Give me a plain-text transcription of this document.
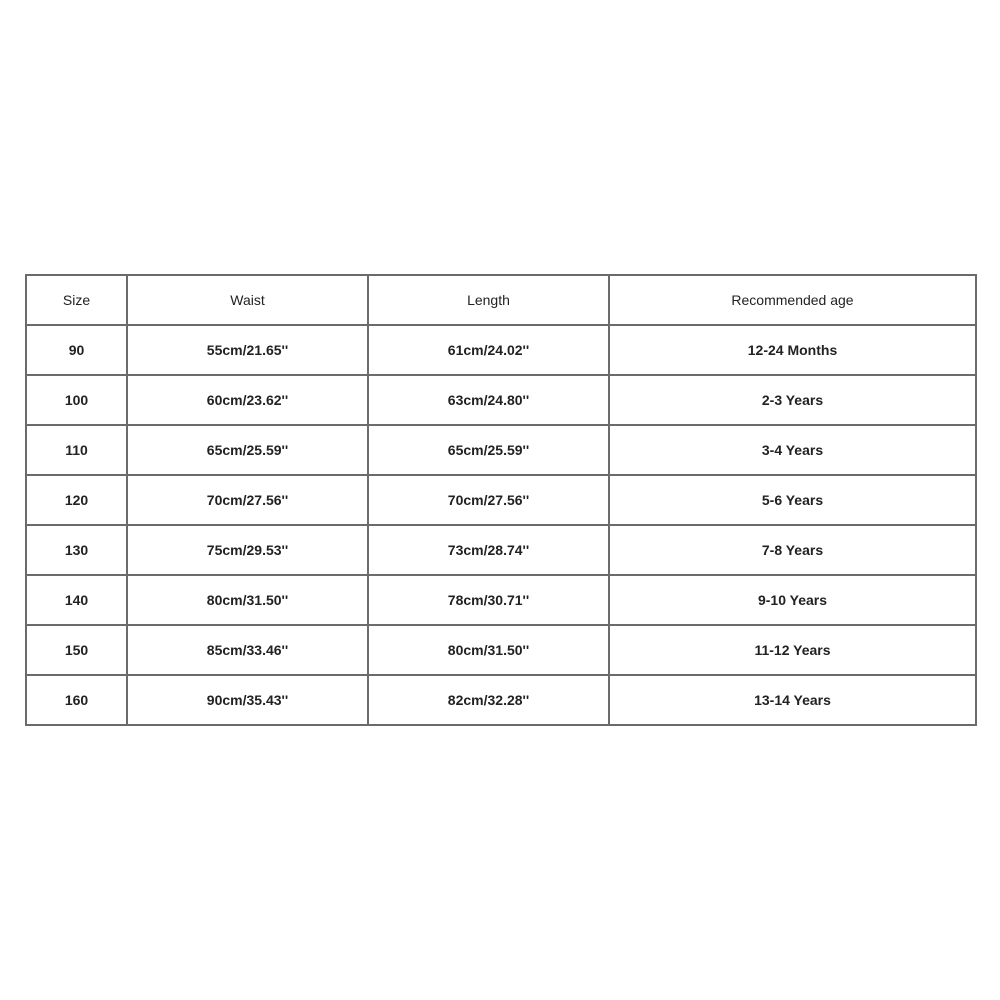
Size	Waist	Length	Recommended age
90	55cm/21.65''	61cm/24.02''	12-24 Months
100	60cm/23.62''	63cm/24.80''	2-3 Years
110	65cm/25.59''	65cm/25.59''	3-4 Years
120	70cm/27.56''	70cm/27.56''	5-6 Years
130	75cm/29.53''	73cm/28.74''	7-8 Years
140	80cm/31.50''	78cm/30.71''	9-10 Years
150	85cm/33.46''	80cm/31.50''	11-12 Years
160	90cm/35.43''	82cm/32.28''	13-14 Years
